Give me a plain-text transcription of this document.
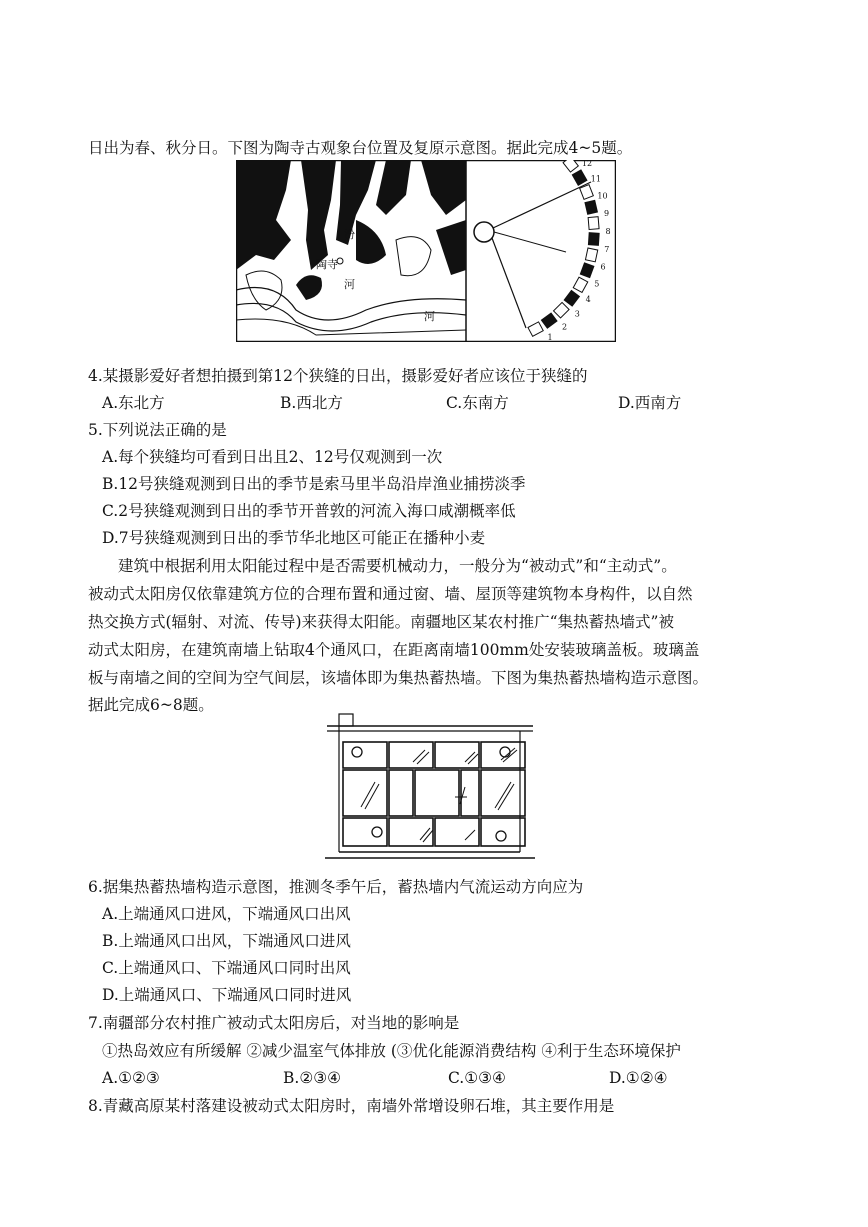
日出为春、秋分日。下图为陶寺古观象台位置及复原示意图。据此完成4~5题。
汾
陶寺
河
河
1
2
3
4
5
6
7
8
9
10
11
12
4.某摄影爱好者想拍摄到第12个狭缝的日出，摄影爱好者应该位于狭缝的
A.东北方	B.西北方	C.东南方	D.西南方
5.下列说法正确的是
A.每个狭缝均可看到日出且2、12号仅观测到一次
B.12号狭缝观测到日出的季节是索马里半岛沿岸渔业捕捞淡季
C.2号狭缝观测到日出的季节开普敦的河流入海口咸潮概率低
D.7号狭缝观测到日出的季节华北地区可能正在播种小麦
建筑中根据利用太阳能过程中是否需要机械动力，一般分为“被动式”和“主动式”。
被动式太阳房仅依靠建筑方位的合理布置和通过窗、墙、屋顶等建筑物本身构件，以自然
热交换方式(辐射、对流、传导)来获得太阳能。南疆地区某农村推广“集热蓄热墙式”被
动式太阳房，在建筑南墙上钻取4个通风口，在距离南墙100mm处安装玻璃盖板。玻璃盖
板与南墙之间的空间为空气间层，该墙体即为集热蓄热墙。下图为集热蓄热墙构造示意图。
据此完成6~8题。
6.据集热蓄热墙构造示意图，推测冬季午后，蓄热墙内气流运动方向应为
A.上端通风口进风，下端通风口出风
B.上端通风口出风，下端通风口进风
C.上端通风口、下端通风口同时出风
D.上端通风口、下端通风口同时进风
7.南疆部分农村推广被动式太阳房后，对当地的影响是
①热岛效应有所缓解 ②减少温室气体排放 (③优化能源消费结构 ④利于生态环境保护
A.①②③	B.②③④	C.①③④	D.①②④
8.青藏高原某村落建设被动式太阳房时，南墙外常增设卵石堆，其主要作用是
